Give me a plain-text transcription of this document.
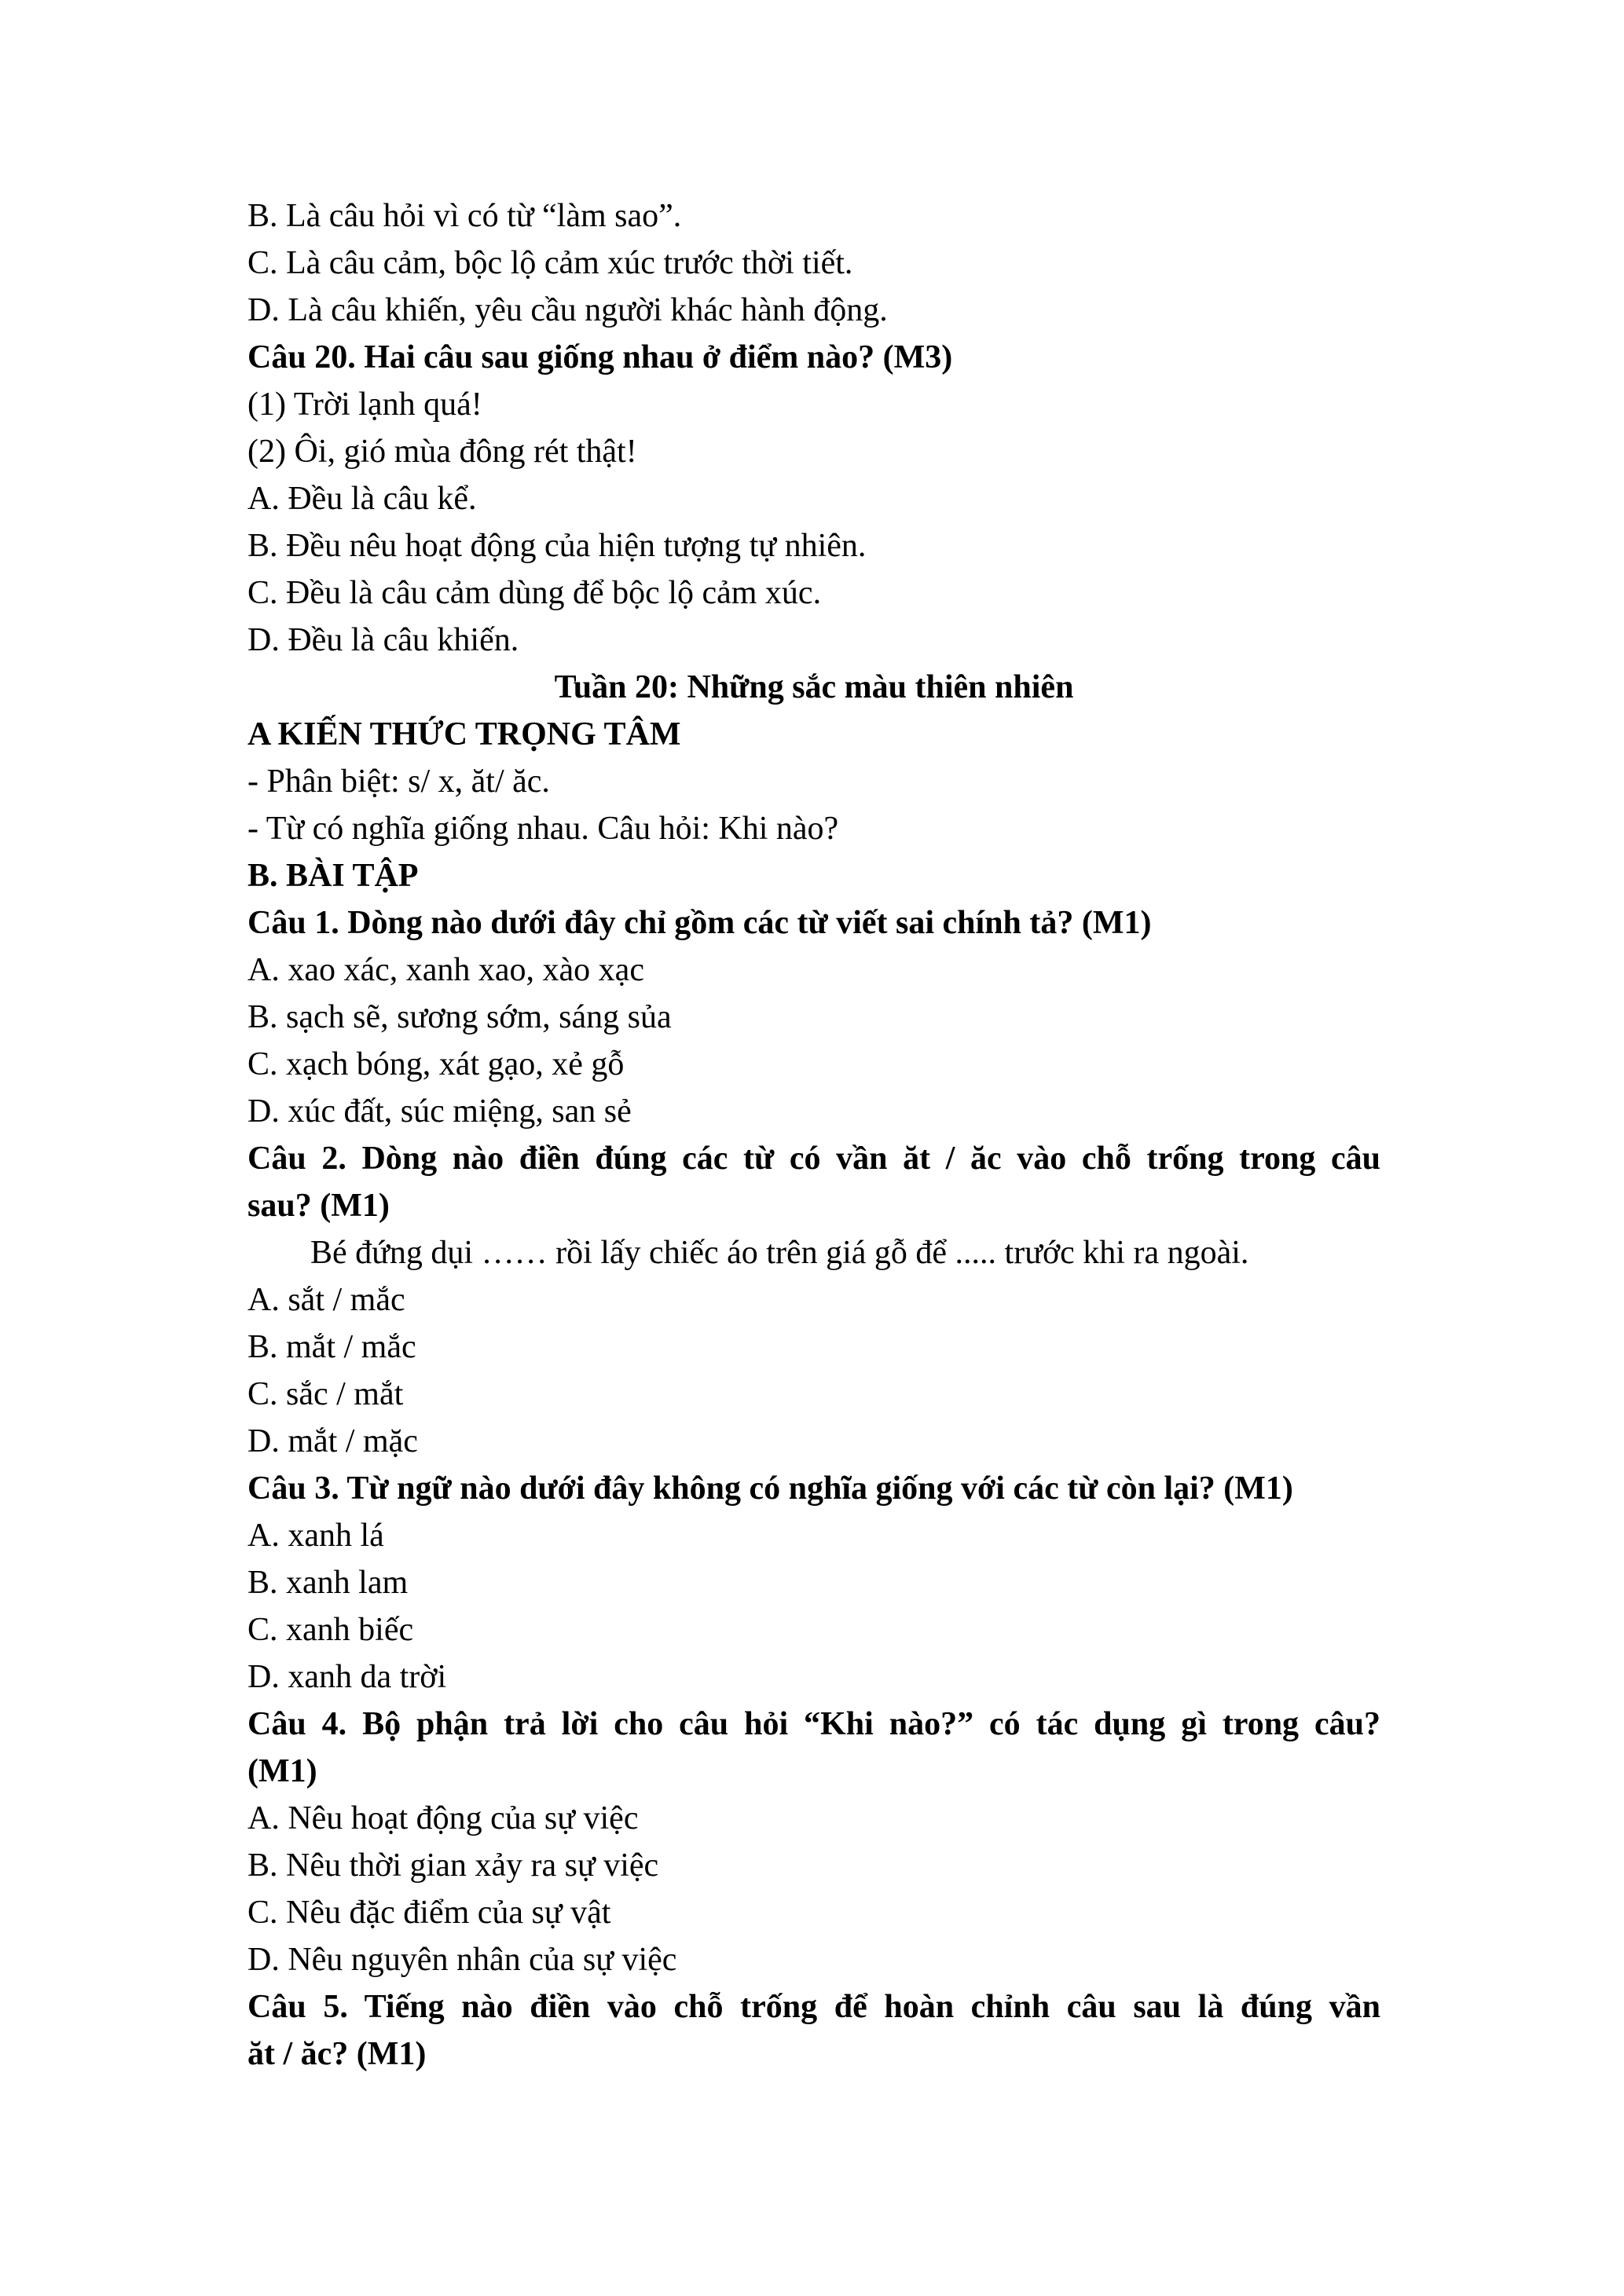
B. Là câu hỏi vì có từ “làm sao”.
C. Là câu cảm, bộc lộ cảm xúc trước thời tiết.
D. Là câu khiến, yêu cầu người khác hành động.
Câu 20. Hai câu sau giống nhau ở điểm nào? (M3)
(1) Trời lạnh quá!
(2) Ôi, gió mùa đông rét thật!
A. Đều là câu kể.
B. Đều nêu hoạt động của hiện tượng tự nhiên.
C. Đều là câu cảm dùng để bộc lộ cảm xúc.
D. Đều là câu khiến.
Tuần 20: Những sắc màu thiên nhiên
A KIẾN THỨC TRỌNG TÂM
- Phân biệt: s/ x, ăt/ ăc.
- Từ có nghĩa giống nhau. Câu hỏi: Khi nào?
B. BÀI TẬP
Câu 1. Dòng nào dưới đây chỉ gồm các từ viết sai chính tả? (M1)
A. xao xác, xanh xao, xào xạc
B. sạch sẽ, sương sớm, sáng sủa
C. xạch bóng, xát gạo, xẻ gỗ
D. xúc đất, súc miệng, san sẻ
Câu 2. Dòng nào điền đúng các từ có vần ăt / ăc vào chỗ trống trong câu
sau? (M1)
Bé đứng dụi …… rồi lấy chiếc áo trên giá gỗ để ..... trước khi ra ngoài.
A. sắt / mắc
B. mắt / mắc
C. sắc / mắt
D. mắt / mặc
Câu 3. Từ ngữ nào dưới đây không có nghĩa giống với các từ còn lại? (M1)
A. xanh lá
B. xanh lam
C. xanh biếc
D. xanh da trời
Câu 4. Bộ phận trả lời cho câu hỏi “Khi nào?” có tác dụng gì trong câu?
(M1)
A. Nêu hoạt động của sự việc
B. Nêu thời gian xảy ra sự việc
C. Nêu đặc điểm của sự vật
D. Nêu nguyên nhân của sự việc
Câu 5. Tiếng nào điền vào chỗ trống để hoàn chỉnh câu sau là đúng vần
ăt / ăc? (M1)
